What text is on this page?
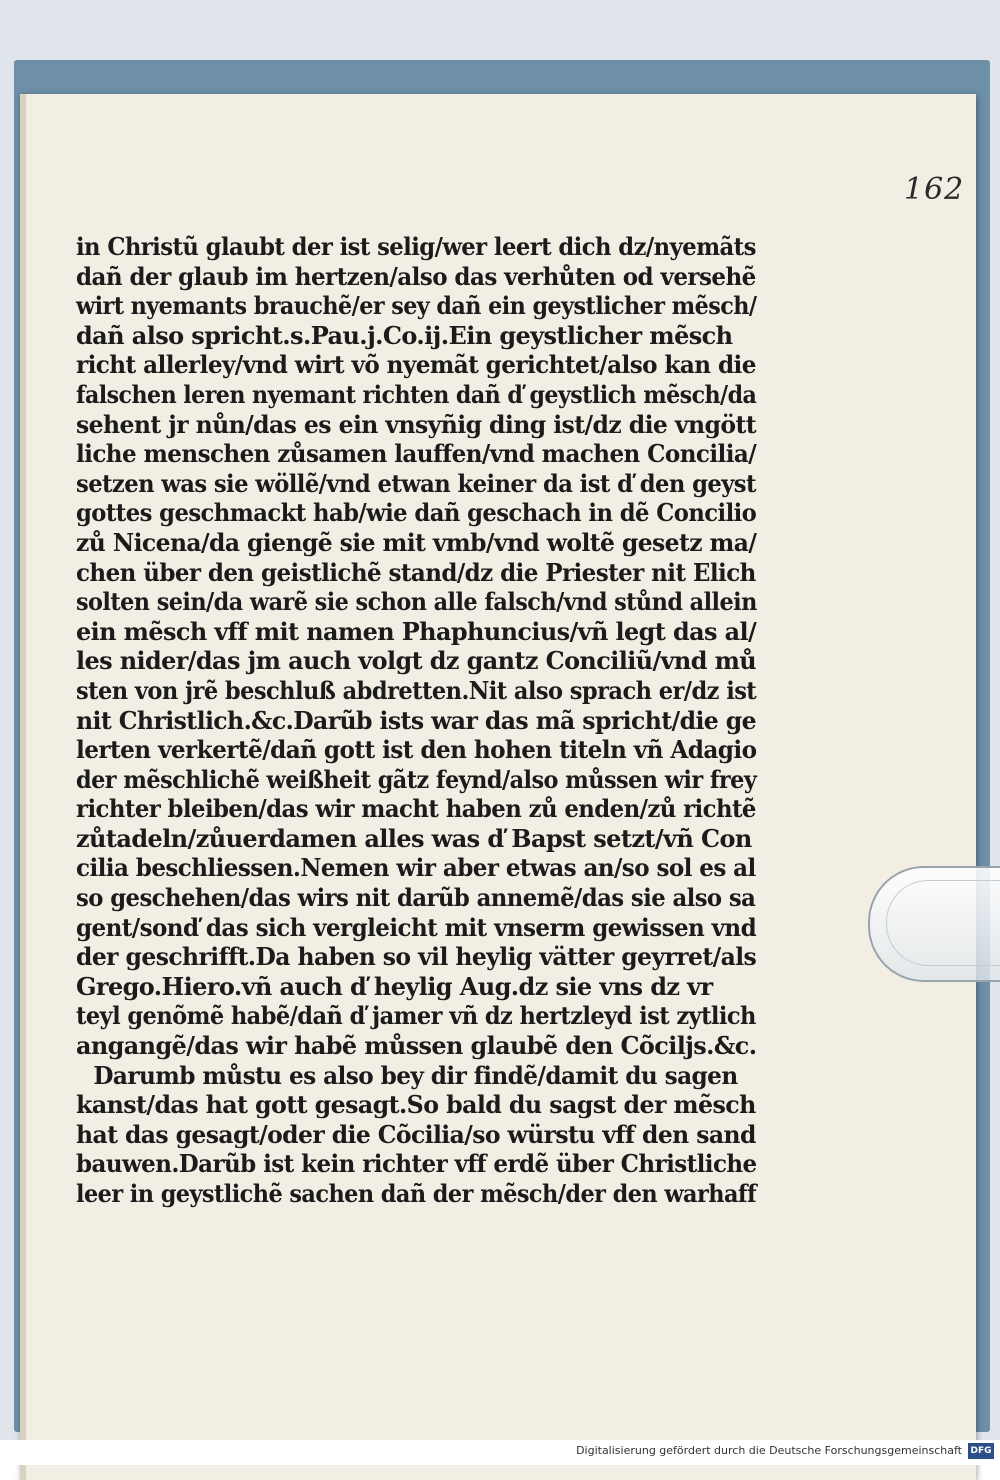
162
in Christũ glaubt der ist selig/wer leert dich dz/nyemãts
dañ der glaub im hertzen/also das verhůten od versehẽ
wirt nyemants brauchẽ/er sey dañ ein geystlicher mẽsch/
dañ also spricht.s.Pau.j.Co.ij.Ein geystlicher mẽsch
richt allerley/vnd wirt võ nyemãt gerichtet/also kan die
falschen leren nyemant richten dañ ď geystlich mẽsch/da
sehent jr nůn/das es ein vnsyñig ding ist/dz die vngött
liche menschen zůsamen lauffen/vnd machen Concilia/
setzen was sie wöllẽ/vnd etwan keiner da ist ď den geyst
gottes geschmackt hab/wie dañ geschach in dẽ Concilio
zů Nicena/da giengẽ sie mit vmb/vnd woltẽ gesetz ma/
chen über den geistlichẽ stand/dz die Priester nit Elich
solten sein/da warẽ sie schon alle falsch/vnd stůnd allein
ein mẽsch vff mit namen Phaphuncius/vñ legt das al/
les nider/das jm auch volgt dz gantz Conciliũ/vnd mů
sten von jrẽ beschluß abdretten.Nit also sprach er/dz ist
nit Christlich.&c.Darũb ists war das mã spricht/die ge
lerten verkertẽ/dañ gott ist den hohen titeln vñ Adagio
der mẽschlichẽ weißheit gãtz feynd/also můssen wir frey
richter bleiben/das wir macht haben zů enden/zů richtẽ
zůtadeln/zůuerdamen alles was ď Bapst setzt/vñ Con
cilia beschliessen.Nemen wir aber etwas an/so sol es al
so geschehen/das wirs nit darũb annemẽ/das sie also sa
gent/sonď das sich vergleicht mit vnserm gewissen vnd
der geschrifft.Da haben so vil heylig vätter geyrret/als
Grego.Hiero.vñ auch ď heylig Aug.dz sie vns dz vr
teyl genõmẽ habẽ/dañ ď jamer vñ dz hertzleyd ist zytlich
angangẽ/das wir habẽ můssen glaubẽ den Cõciljs.&c.
Darumb můstu es also bey dir findẽ/damit du sagen
kanst/das hat gott gesagt.So bald du sagst der mẽsch
hat das gesagt/oder die Cõcilia/so würstu vff den sand
bauwen.Darũb ist kein richter vff erdẽ über Christliche
leer in geystlichẽ sachen dañ der mẽsch/der den warhaff
Digitalisierung gefördert durch die Deutsche Forschungsgemeinschaft DFG
